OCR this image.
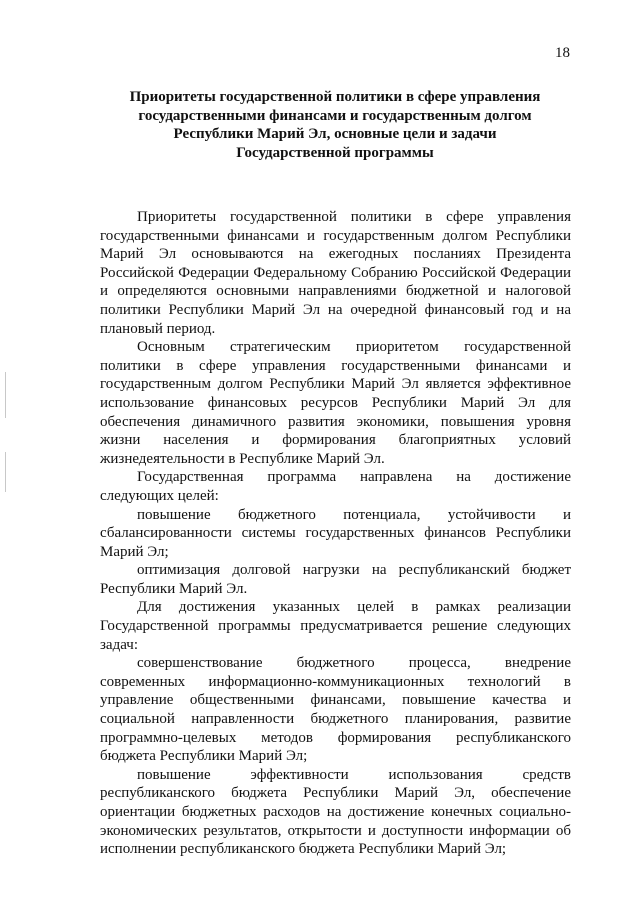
18
Приоритеты государственной политики в сфере управления
государственными финансами и государственным долгом
Республики Марий Эл, основные цели и задачи
Государственной программы
Приоритеты государственной политики в сфере управления
государственными финансами и государственным долгом Республики
Марий Эл основываются на ежегодных посланиях Президента
Российской Федерации Федеральному Собранию Российской Федерации
и определяются основными направлениями бюджетной и налоговой
политики Республики Марий Эл на очередной финансовый год и на
плановый период.
Основным стратегическим приоритетом государственной
политики в сфере управления государственными финансами и
государственным долгом Республики Марий Эл является эффективное
использование финансовых ресурсов Республики Марий Эл для
обеспечения динамичного развития экономики, повышения уровня
жизни населения и формирования благоприятных условий
жизнедеятельности в Республике Марий Эл.
Государственная программа направлена на достижение
следующих целей:
повышение бюджетного потенциала, устойчивости и
сбалансированности системы государственных финансов Республики
Марий Эл;
оптимизация долговой нагрузки на республиканский бюджет
Республики Марий Эл.
Для достижения указанных целей в рамках реализации
Государственной программы предусматривается решение следующих
задач:
совершенствование бюджетного процесса, внедрение
современных информационно-коммуникационных технологий в
управление общественными финансами, повышение качества и
социальной направленности бюджетного планирования, развитие
программно-целевых методов формирования республиканского
бюджета Республики Марий Эл;
повышение эффективности использования средств
республиканского бюджета Республики Марий Эл, обеспечение
ориентации бюджетных расходов на достижение конечных социально-
экономических результатов, открытости и доступности информации об
исполнении республиканского бюджета Республики Марий Эл;
